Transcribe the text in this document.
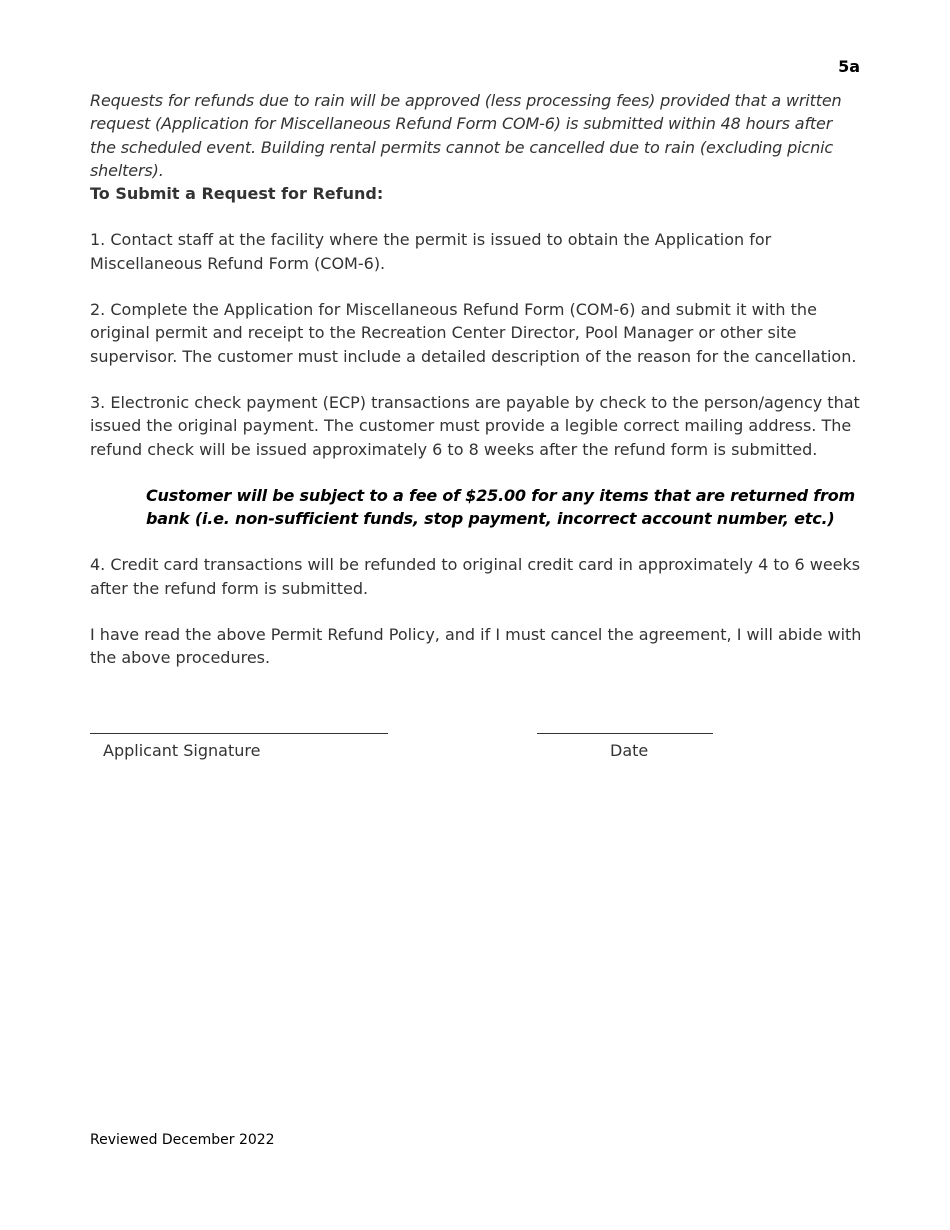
5a

Requests for refunds due to rain will be approved (less processing fees) provided that a written request (Application for Miscellaneous Refund Form COM-6) is submitted within 48 hours after the scheduled event. Building rental permits cannot be cancelled due to rain (excluding picnic shelters).

To Submit a Request for Refund:

1. Contact staff at the facility where the permit is issued to obtain the Application for Miscellaneous Refund Form (COM-6).

2. Complete the Application for Miscellaneous Refund Form (COM-6) and submit it with the original permit and receipt to the Recreation Center Director, Pool Manager or other site supervisor. The customer must include a detailed description of the reason for the cancellation.

3. Electronic check payment (ECP) transactions are payable by check to the person/agency that issued the original payment. The customer must provide a legible correct mailing address. The refund check will be issued approximately 6 to 8 weeks after the refund form is submitted.

Customer will be subject to a fee of $25.00 for any items that are returned from bank (i.e. non-sufficient funds, stop payment, incorrect account number, etc.)

4. Credit card transactions will be refunded to original credit card in approximately 4 to 6 weeks after the refund form is submitted.

I have read the above Permit Refund Policy, and if I must cancel the agreement, I will abide with the above procedures.

Applicant Signature	Date
Reviewed December 2022
